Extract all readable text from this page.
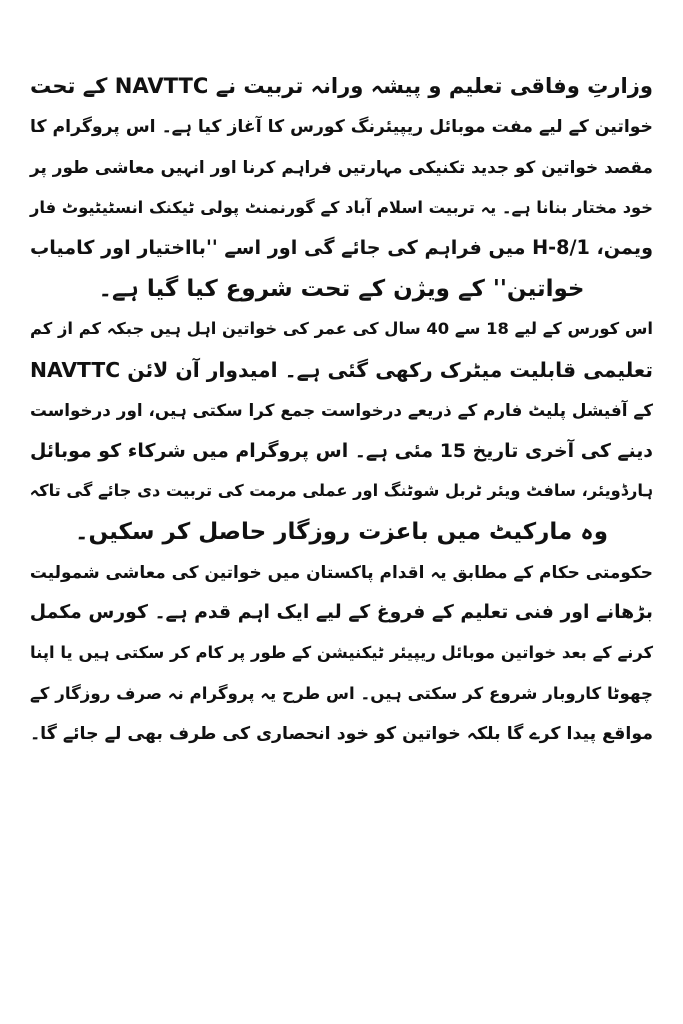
وزارتِ وفاقی تعلیم و پیشہ ورانہ تربیت نے NAVTTC کے تحت
خواتین کے لیے مفت موبائل ریپیئرنگ کورس کا آغاز کیا ہے۔ اس پروگرام کا
مقصد خواتین کو جدید تکنیکی مہارتیں فراہم کرنا اور انہیں معاشی طور پر
خود مختار بنانا ہے۔ یہ تربیت اسلام آباد کے گورنمنٹ پولی ٹیکنک انسٹیٹیوٹ فار
ویمن، H-8/1 میں فراہم کی جائے گی اور اسے ''بااختیار اور کامیاب
خواتین'' کے ویژن کے تحت شروع کیا گیا ہے۔
اس کورس کے لیے 18 سے 40 سال کی عمر کی خواتین اہل ہیں جبکہ کم از کم
تعلیمی قابلیت میٹرک رکھی گئی ہے۔ امیدوار آن لائن NAVTTC
کے آفیشل پلیٹ فارم کے ذریعے درخواست جمع کرا سکتی ہیں، اور درخواست
دینے کی آخری تاریخ 15 مئی ہے۔ اس پروگرام میں شرکاء کو موبائل
ہارڈویئر، سافٹ ویئر ٹربل شوٹنگ اور عملی مرمت کی تربیت دی جائے گی تاکہ
وہ مارکیٹ میں باعزت روزگار حاصل کر سکیں۔
حکومتی حکام کے مطابق یہ اقدام پاکستان میں خواتین کی معاشی شمولیت
بڑھانے اور فنی تعلیم کے فروغ کے لیے ایک اہم قدم ہے۔ کورس مکمل
کرنے کے بعد خواتین موبائل ریپیئر ٹیکنیشن کے طور پر کام کر سکتی ہیں یا اپنا
چھوٹا کاروبار شروع کر سکتی ہیں۔ اس طرح یہ پروگرام نہ صرف روزگار کے
مواقع پیدا کرے گا بلکہ خواتین کو خود انحصاری کی طرف بھی لے جائے گا۔
